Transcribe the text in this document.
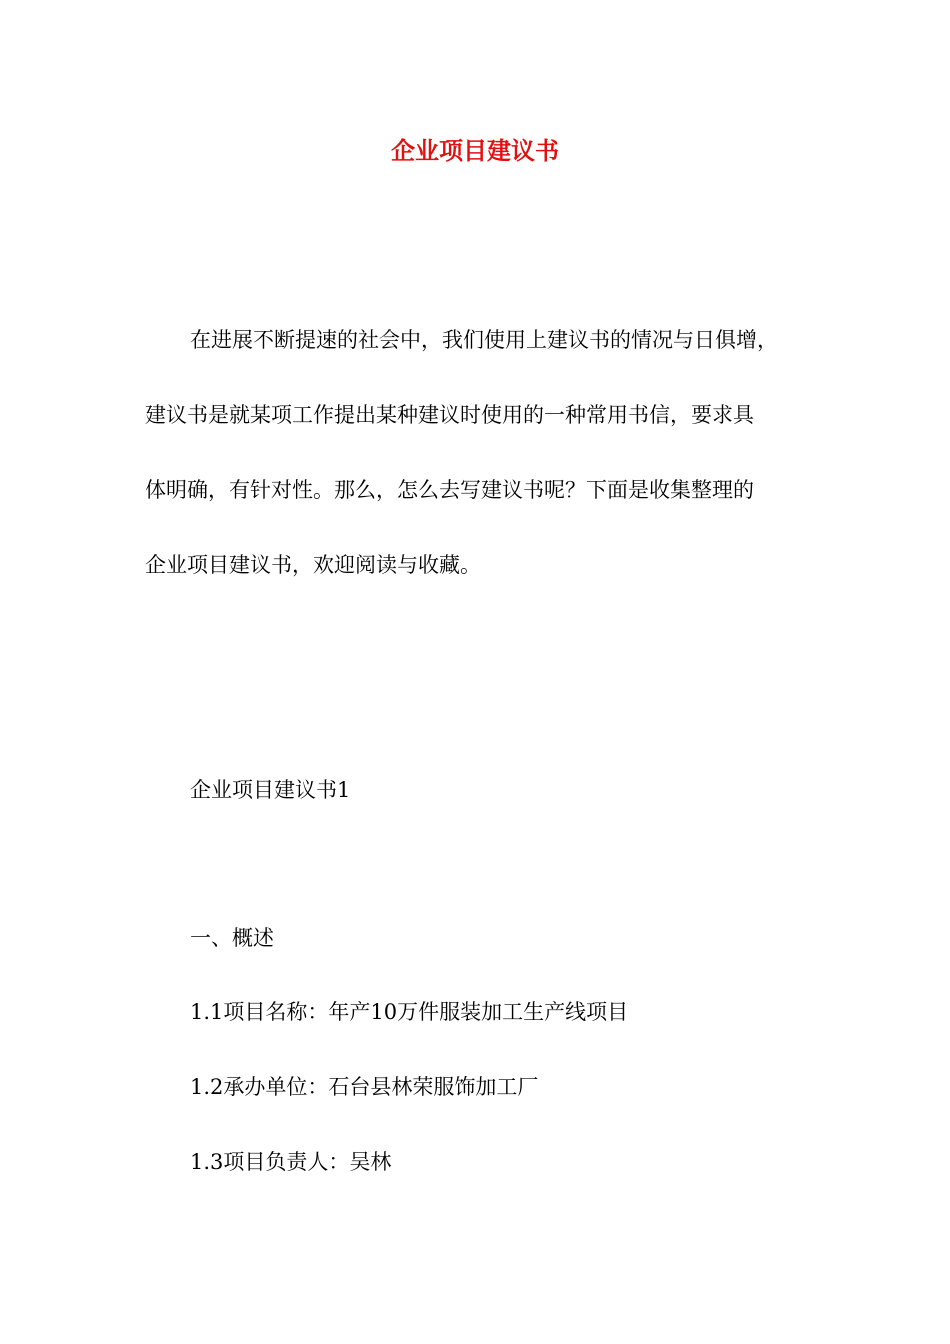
企业项目建议书

在进展不断提速的社会中，我们使用上建议书的情况与日俱增，

建议书是就某项工作提出某种建议时使用的一种常用书信，要求具

体明确，有针对性。那么，怎么去写建议书呢？下面是收集整理的

企业项目建议书，欢迎阅读与收藏。

企业项目建议书1

一、概述

1.1项目名称：年产10万件服装加工生产线项目

1.2承办单位：石台县林荣服饰加工厂

1.3项目负责人：吴林
